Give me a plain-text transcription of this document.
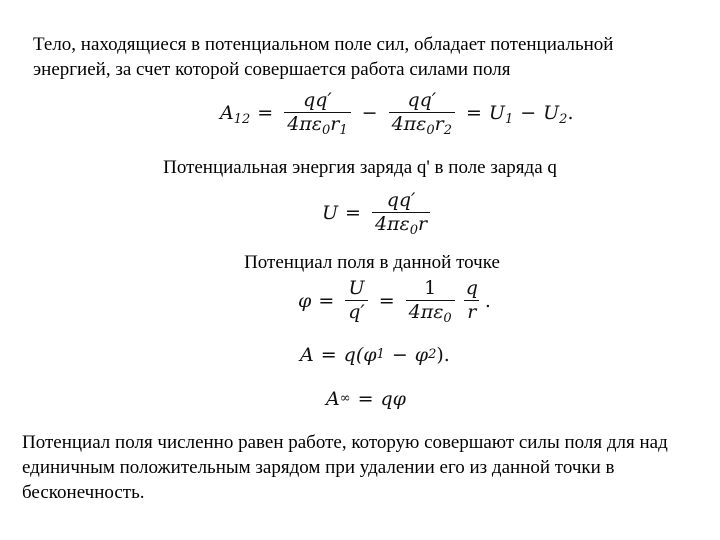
Тело, находящиеся в потенциальном поле сил, обладает потенциальной энергией, за счет которой совершается работа силами поля
$A_{12} = \frac{qq'}{4\pi\varepsilon_0r_1} - \frac{qq'}{4\pi\varepsilon_0r_2} = U_1 - U_2$.
Потенциальная энергия заряда q' в поле заряда q
$U = \frac{qq'}{4\pi\varepsilon_0r}$
Потенциал поля в данной точке
$\varphi = \frac{U}{q'} = \frac{1}{4\pi\varepsilon_0} \frac{q}{r}$ .
A = q(φ 1 − φ 2 ).
A ∞ = qφ
Потенциал поля численно равен работе, которую совершают силы поля для над единичным положительным зарядом при удалении его из данной точки в бесконечность.
